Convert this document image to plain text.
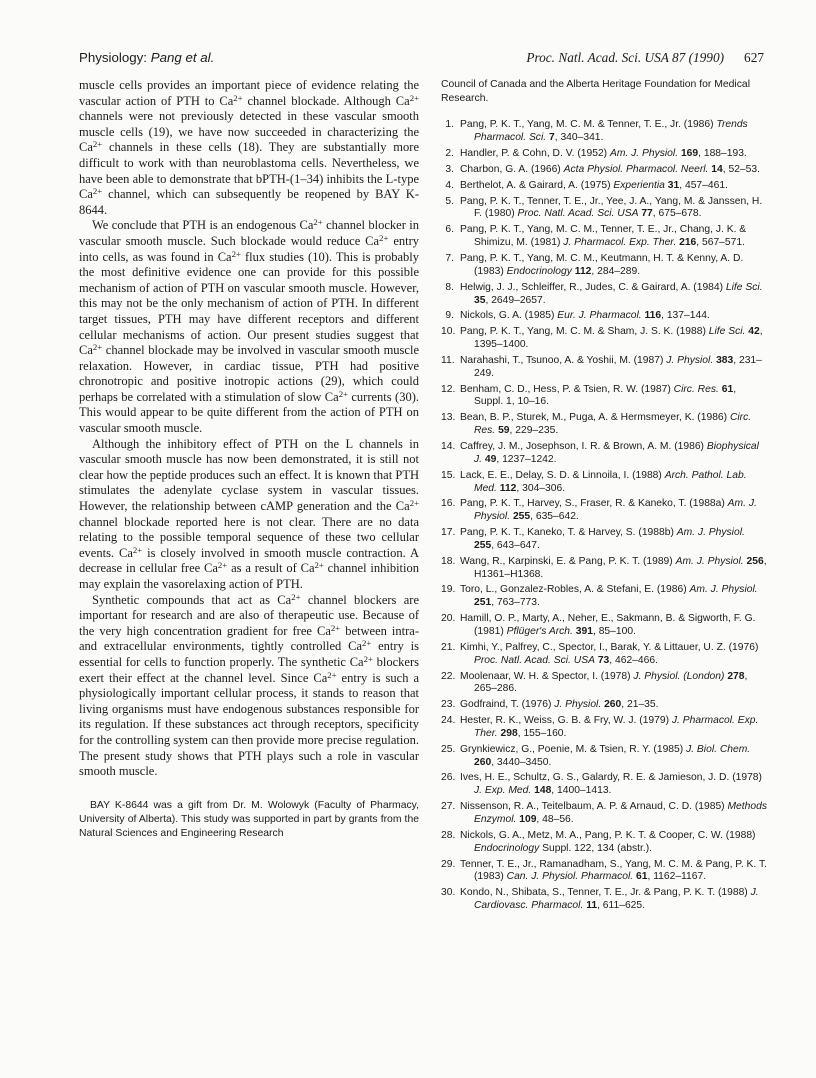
Physiology: Pang et al.	Proc. Natl. Acad. Sci. USA 87 (1990) 627

muscle cells provides an important piece of evidence relating the vascular action of PTH to $Ca^{2+}$ channel blockade. Although $Ca^{2+}$ channels were not previously detected in these vascular smooth muscle cells (19), we have now succeeded in characterizing the $Ca^{2+}$ channels in these cells (18). They are substantially more difficult to work with than neuroblastoma cells. Nevertheless, we have been able to demonstrate that bPTH-(1–34) inhibits the L-type $Ca^{2+}$ channel, which can subsequently be reopened by BAY K-8644.

We conclude that PTH is an endogenous $Ca^{2+}$ channel blocker in vascular smooth muscle. Such blockade would reduce $Ca^{2+}$ entry into cells, as was found in $Ca^{2+}$ flux studies (10). This is probably the most definitive evidence one can provide for this possible mechanism of action of PTH on vascular smooth muscle. However, this may not be the only mechanism of action of PTH. In different target tissues, PTH may have different receptors and different cellular mechanisms of action. Our present studies suggest that $Ca^{2+}$ channel blockade may be involved in vascular smooth muscle relaxation. However, in cardiac tissue, PTH had positive chronotropic and positive inotropic actions (29), which could perhaps be correlated with a stimulation of slow $Ca^{2+}$ currents (30). This would appear to be quite different from the action of PTH on vascular smooth muscle.

Although the inhibitory effect of PTH on the L channels in vascular smooth muscle has now been demonstrated, it is still not clear how the peptide produces such an effect. It is known that PTH stimulates the adenylate cyclase system in vascular tissues. However, the relationship between cAMP generation and the $Ca^{2+}$ channel blockade reported here is not clear. There are no data relating to the possible temporal sequence of these two cellular events. $Ca^{2+}$ is closely involved in smooth muscle contraction. A decrease in cellular free $Ca^{2+}$ as a result of $Ca^{2+}$ channel inhibition may explain the vasorelaxing action of PTH.

Synthetic compounds that act as $Ca^{2+}$ channel blockers are important for research and are also of therapeutic use. Because of the very high concentration gradient for free $Ca^{2+}$ between intra- and extracellular environments, tightly controlled $Ca^{2+}$ entry is essential for cells to function properly. The synthetic $Ca^{2+}$ blockers exert their effect at the channel level. Since $Ca^{2+}$ entry is such a physiologically important cellular process, it stands to reason that living organisms must have endogenous substances responsible for its regulation. If these substances act through receptors, specificity for the controlling system can then provide more precise regulation. The present study shows that PTH plays such a role in vascular smooth muscle.

BAY K-8644 was a gift from Dr. M. Wolowyk (Faculty of Pharmacy, University of Alberta). This study was supported in part by grants from the Natural Sciences and Engineering Research
Council of Canada and the Alberta Heritage Foundation for Medical Research.
1. Pang, P. K. T., Yang, M. C. M. & Tenner, T. E., Jr. (1986) Trends Pharmacol. Sci. 7, 340–341.
2. Handler, P. & Cohn, D. V. (1952) Am. J. Physiol. 169, 188–193.
3. Charbon, G. A. (1966) Acta Physiol. Pharmacol. Neerl. 14, 52–53.
4. Berthelot, A. & Gairard, A. (1975) Experientia 31, 457–461.
5. Pang, P. K. T., Tenner, T. E., Jr., Yee, J. A., Yang, M. & Janssen, H. F. (1980) Proc. Natl. Acad. Sci. USA 77, 675–678.
6. Pang, P. K. T., Yang, M. C. M., Tenner, T. E., Jr., Chang, J. K. & Shimizu, M. (1981) J. Pharmacol. Exp. Ther. 216, 567–571.
7. Pang, P. K. T., Yang, M. C. M., Keutmann, H. T. & Kenny, A. D. (1983) Endocrinology 112, 284–289.
8. Helwig, J. J., Schleiffer, R., Judes, C. & Gairard, A. (1984) Life Sci. 35, 2649–2657.
9. Nickols, G. A. (1985) Eur. J. Pharmacol. 116, 137–144.
10. Pang, P. K. T., Yang, M. C. M. & Sham, J. S. K. (1988) Life Sci. 42, 1395–1400.
11. Narahashi, T., Tsunoo, A. & Yoshii, M. (1987) J. Physiol. 383, 231–249.
12. Benham, C. D., Hess, P. & Tsien, R. W. (1987) Circ. Res. 61, Suppl. 1, 10–16.
13. Bean, B. P., Sturek, M., Puga, A. & Hermsmeyer, K. (1986) Circ. Res. 59, 229–235.
14. Caffrey, J. M., Josephson, I. R. & Brown, A. M. (1986) Biophysical J. 49, 1237–1242.
15. Lack, E. E., Delay, S. D. & Linnoila, I. (1988) Arch. Pathol. Lab. Med. 112, 304–306.
16. Pang, P. K. T., Harvey, S., Fraser, R. & Kaneko, T. (1988a) Am. J. Physiol. 255, 635–642.
17. Pang, P. K. T., Kaneko, T. & Harvey, S. (1988b) Am. J. Physiol. 255, 643–647.
18. Wang, R., Karpinski, E. & Pang, P. K. T. (1989) Am. J. Physiol. 256, H1361–H1368.
19. Toro, L., Gonzalez-Robles, A. & Stefani, E. (1986) Am. J. Physiol. 251, 763–773.
20. Hamill, O. P., Marty, A., Neher, E., Sakmann, B. & Sigworth, F. G. (1981) Pflüger's Arch. 391, 85–100.
21. Kimhi, Y., Palfrey, C., Spector, I., Barak, Y. & Littauer, U. Z. (1976) Proc. Natl. Acad. Sci. USA 73, 462–466.
22. Moolenaar, W. H. & Spector, I. (1978) J. Physiol. (London) 278, 265–286.
23. Godfraind, T. (1976) J. Physiol. 260, 21–35.
24. Hester, R. K., Weiss, G. B. & Fry, W. J. (1979) J. Pharmacol. Exp. Ther. 298, 155–160.
25. Grynkiewicz, G., Poenie, M. & Tsien, R. Y. (1985) J. Biol. Chem. 260, 3440–3450.
26. Ives, H. E., Schultz, G. S., Galardy, R. E. & Jamieson, J. D. (1978) J. Exp. Med. 148, 1400–1413.
27. Nissenson, R. A., Teitelbaum, A. P. & Arnaud, C. D. (1985) Methods Enzymol. 109, 48–56.
28. Nickols, G. A., Metz, M. A., Pang, P. K. T. & Cooper, C. W. (1988) Endocrinology Suppl. 122, 134 (abstr.).
29. Tenner, T. E., Jr., Ramanadham, S., Yang, M. C. M. & Pang, P. K. T. (1983) Can. J. Physiol. Pharmacol. 61, 1162–1167.
30. Kondo, N., Shibata, S., Tenner, T. E., Jr. & Pang, P. K. T. (1988) J. Cardiovasc. Pharmacol. 11, 611–625.
